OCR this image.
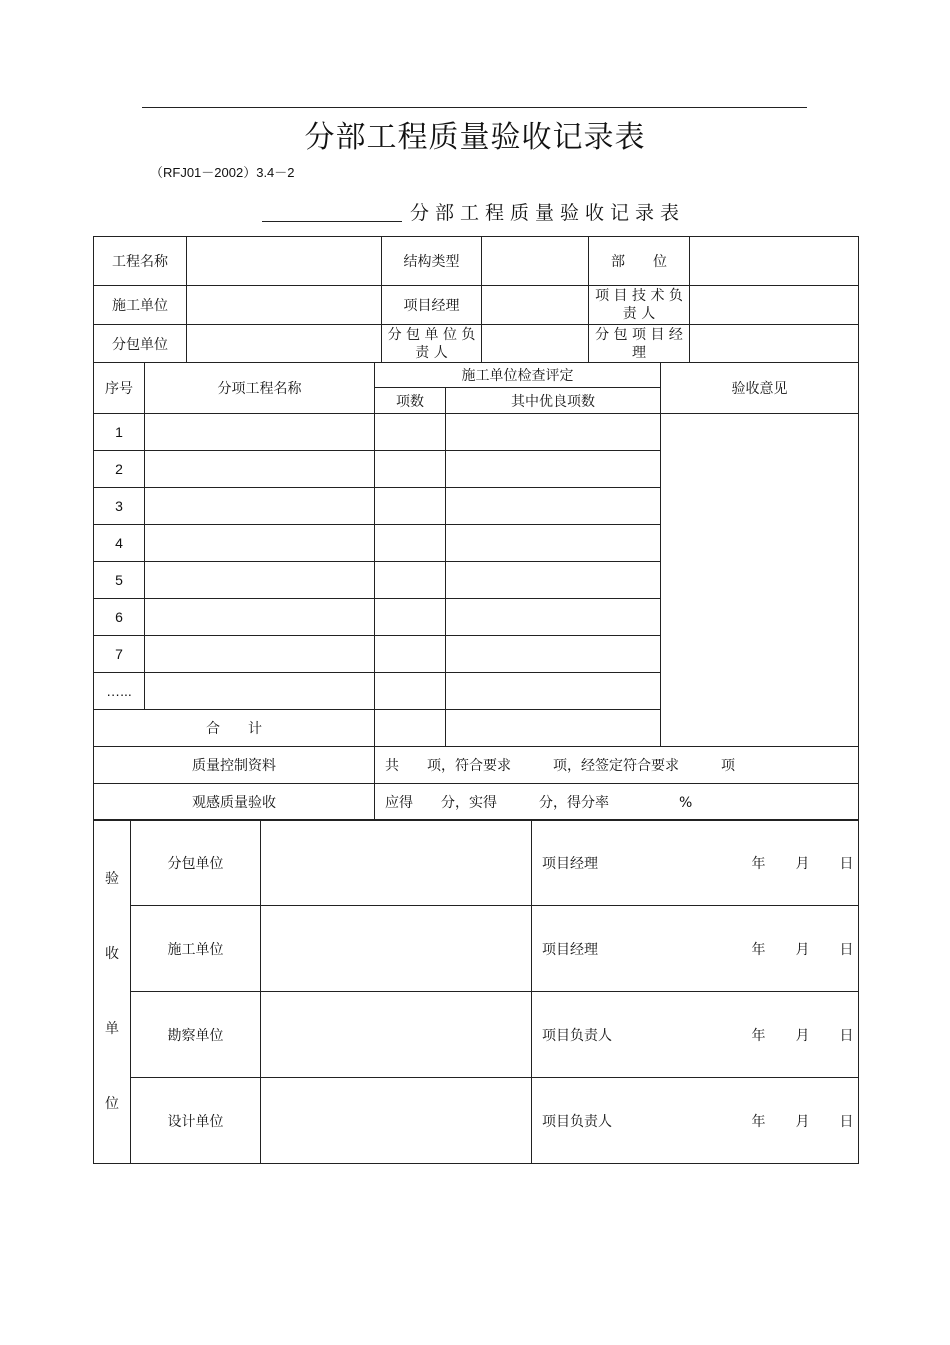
分部工程质量验收记录表
（RFJ01－2002）3.4－2
分部工程质量验收记录表
工程名称		结构类型		部　　位	
施工单位		项目经理		项 目 技 术 负 责 人	
分包单位		分 包 单 位 负 责 人		分 包 项 目 经　　理	
序号	分项工程名称	施工单位检查评定		验收意见
		项数	其中优良项数	
1				
2				
3				
4				
5				
6				
7				
…...				
合　　计				
质量控制资料		共　　项，符合要求　　　项，经签定符合要求　　　项		
观感质量验收		应得　　分，实得　　　分，得分率　　　　　%		
验
收
单
位	分包单位		项目经理	年 月 日
	施工单位		项目经理	年 月 日
	勘察单位		项目负责人	年 月 日
	设计单位		项目负责人	年 月 日
